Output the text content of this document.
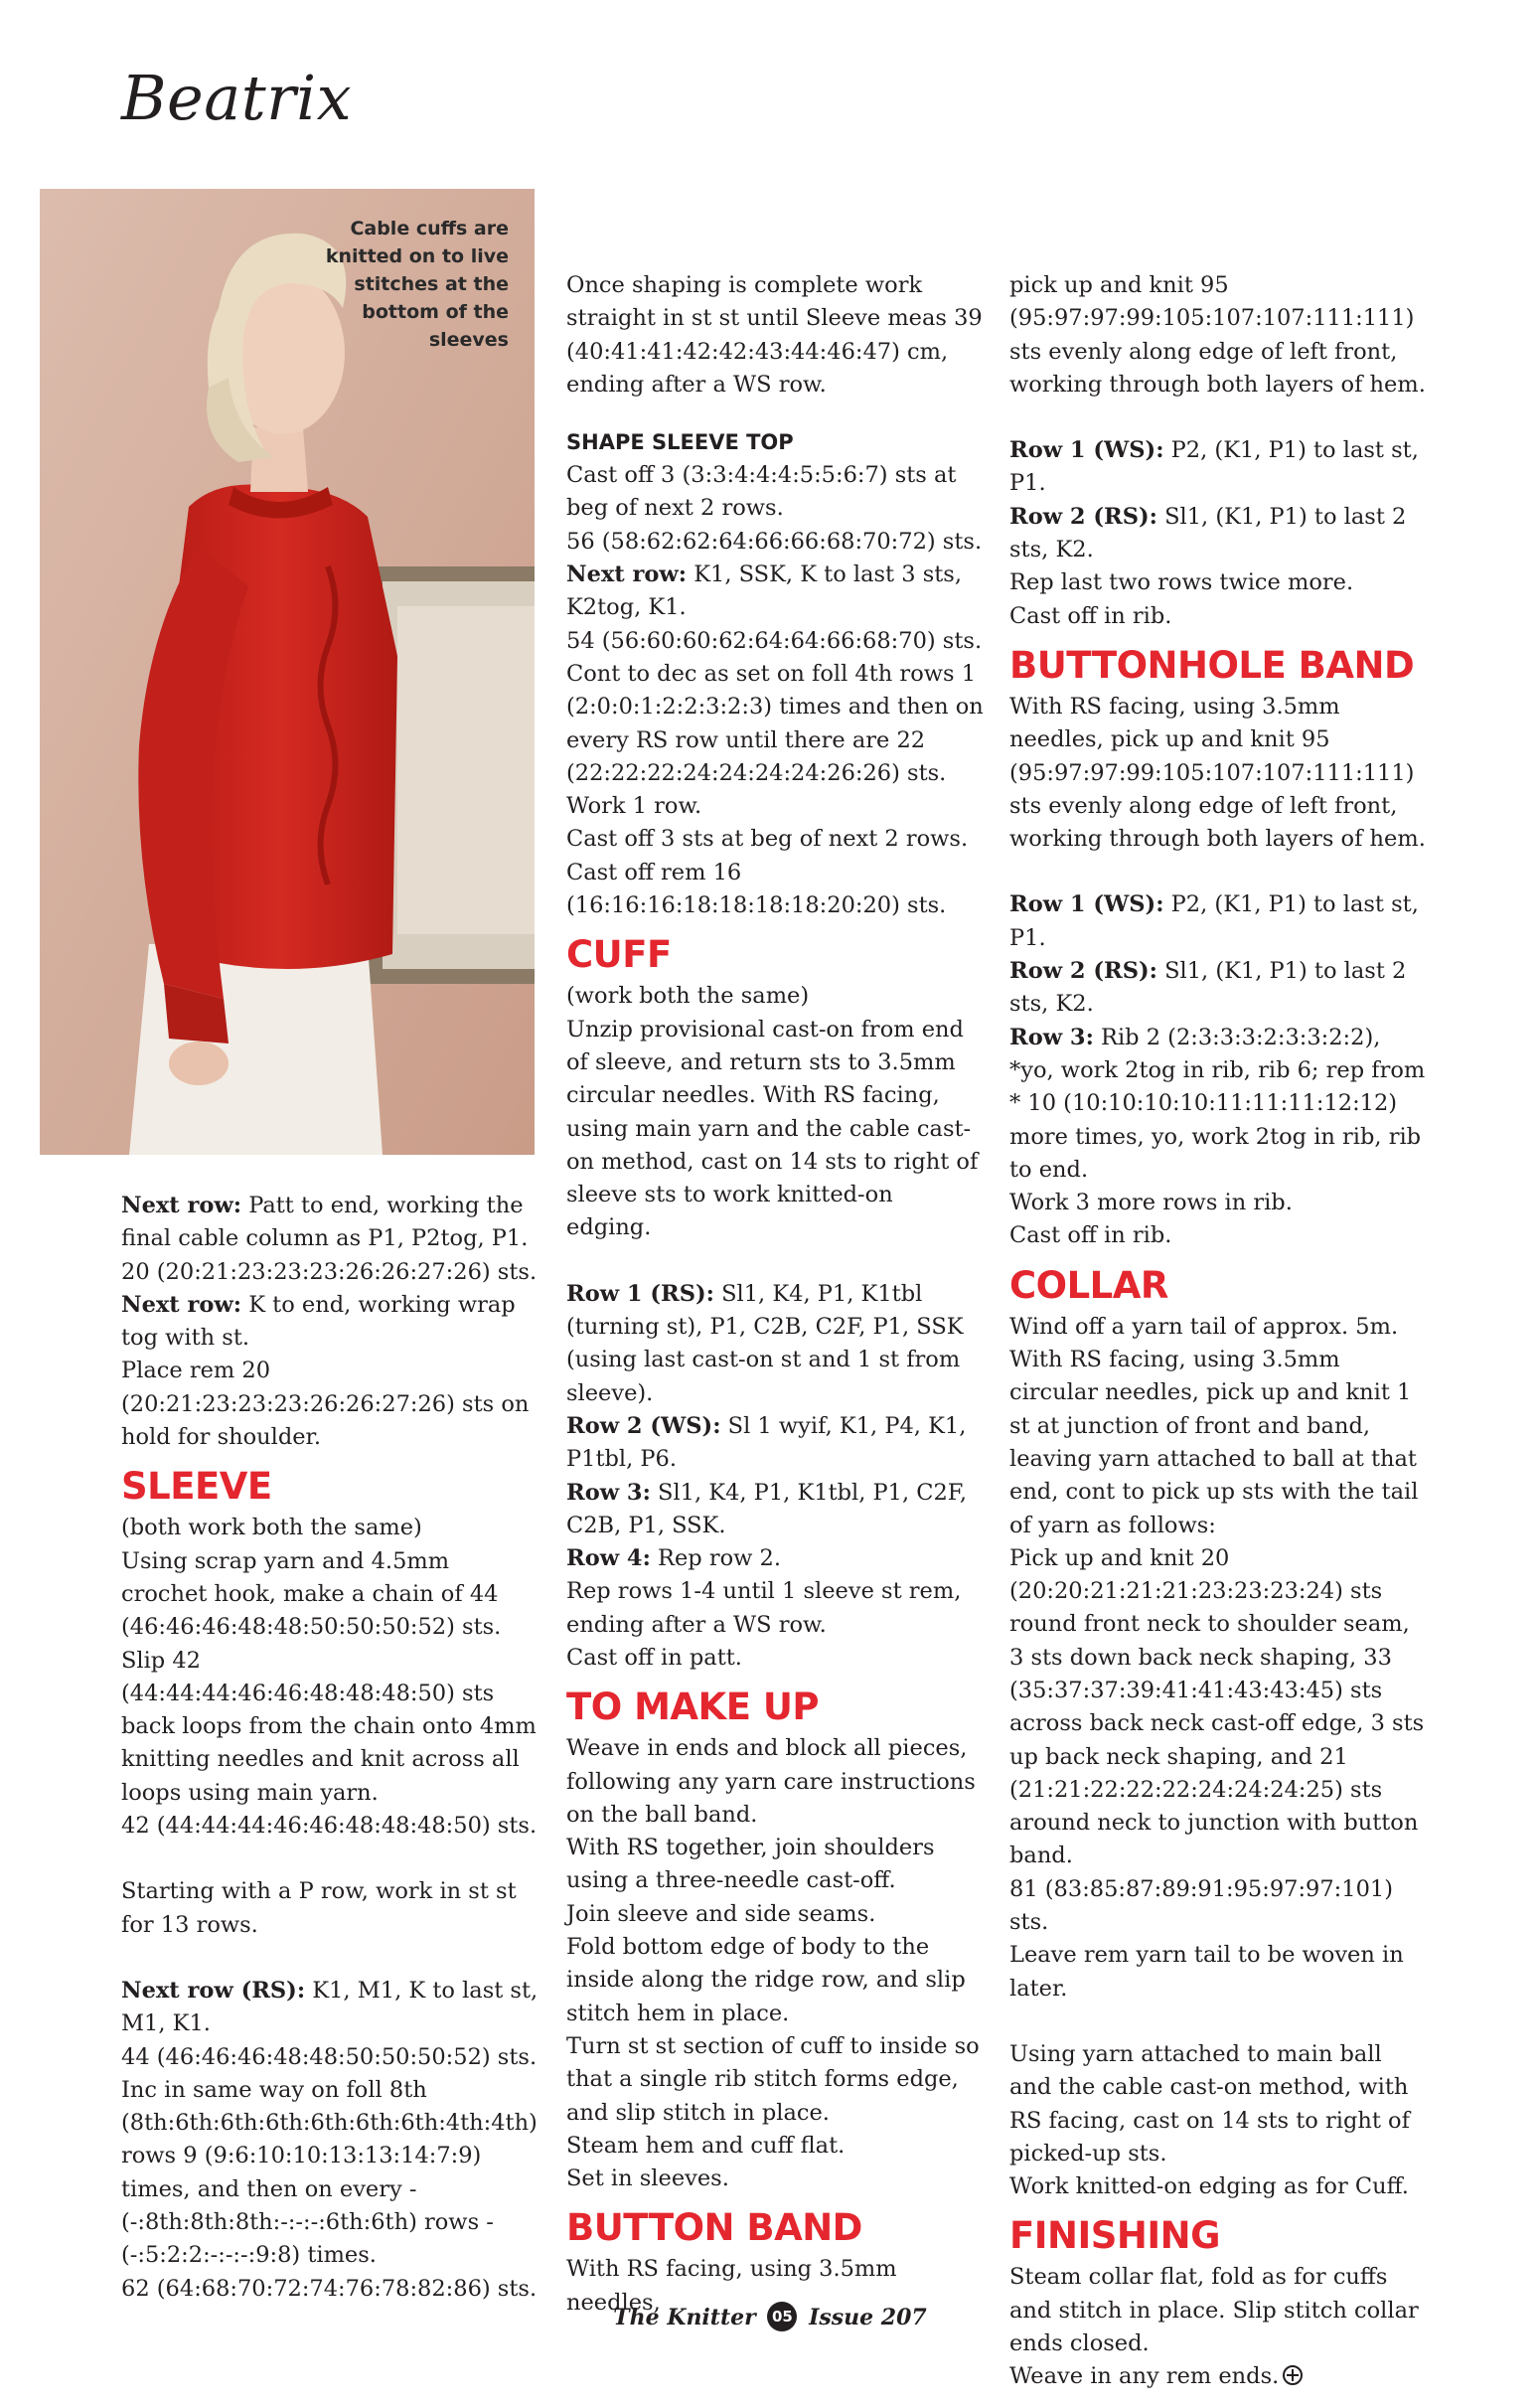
Beatrix
Cable cuffs are knitted on to live stitches at the bottom of the sleeves

Next row: Patt to end, working the final cable column as P1, P2tog, P1.

20 (20:21:23:23:23:26:26:27:26) sts.

Next row: K to end, working wrap tog with st.

Place rem 20 (20:21:23:23:23:26:26:27:26) sts on hold for shoulder.

SLEEVE

(both work both the same)

Using scrap yarn and 4.5mm crochet hook, make a chain of 44 (46:46:46:48:48:50:50:50:52) sts.

Slip 42 (44:44:44:46:46:48:48:48:50) sts back loops from the chain onto 4mm knitting needles and knit across all loops using main yarn.

42 (44:44:44:46:46:48:48:48:50) sts.

Starting with a P row, work in st st for 13 rows.

Next row (RS): K1, M1, K to last st, M1, K1.

44 (46:46:46:48:48:50:50:50:52) sts.

Inc in same way on foll 8th (8th:6th:6th:6th:6th:6th:6th:4th:4th) rows 9 (9:6:10:10:13:13:14:7:9) times, and then on every - (-:8th:8th:8th:-:-:-:6th:6th) rows - (-:5:2:2:-:-:-:9:8) times.

62 (64:68:70:72:74:76:78:82:86) sts.

Once shaping is complete work straight in st st until Sleeve meas 39 (40:41:41:42:42:43:44:46:47) cm, ending after a WS row.

SHAPE SLEEVE TOP

Cast off 3 (3:3:4:4:4:5:5:6:7) sts at beg of next 2 rows.

56 (58:62:62:64:66:66:68:70:72) sts.

Next row: K1, SSK, K to last 3 sts, K2tog, K1.

54 (56:60:60:62:64:64:66:68:70) sts.

Cont to dec as set on foll 4th rows 1 (2:0:0:1:2:2:3:2:3) times and then on every RS row until there are 22 (22:22:22:24:24:24:24:26:26) sts.

Work 1 row.

Cast off 3 sts at beg of next 2 rows.

Cast off rem 16 (16:16:16:18:18:18:18:20:20) sts.

CUFF

(work both the same)

Unzip provisional cast-on from end of sleeve, and return sts to 3.5mm circular needles. With RS facing, using main yarn and the cable cast-on method, cast on 14 sts to right of sleeve sts to work knitted-on edging.

Row 1 (RS): Sl1, K4, P1, K1tbl (turning st), P1, C2B, C2F, P1, SSK (using last cast-on st and 1 st from sleeve).

Row 2 (WS): Sl 1 wyif, K1, P4, K1, P1tbl, P6.

Row 3: Sl1, K4, P1, K1tbl, P1, C2F, C2B, P1, SSK.

Row 4: Rep row 2.

Rep rows 1-4 until 1 sleeve st rem, ending after a WS row.

Cast off in patt.

TO MAKE UP

Weave in ends and block all pieces, following any yarn care instructions on the ball band.

With RS together, join shoulders using a three-needle cast-off.

Join sleeve and side seams.

Fold bottom edge of body to the inside along the ridge row, and slip stitch hem in place.

Turn st st section of cuff to inside so that a single rib stitch forms edge, and slip stitch in place.

Steam hem and cuff flat.

Set in sleeves.

BUTTON BAND

With RS facing, using 3.5mm needles,

pick up and knit 95 (95:97:97:99:105:107:107:111:111) sts evenly along edge of left front, working through both layers of hem.

Row 1 (WS): P2, (K1, P1) to last st, P1.

Row 2 (RS): Sl1, (K1, P1) to last 2 sts, K2.

Rep last two rows twice more.

Cast off in rib.

BUTTONHOLE BAND

With RS facing, using 3.5mm needles, pick up and knit 95 (95:97:97:99:105:107:107:111:111) sts evenly along edge of left front, working through both layers of hem.

Row 1 (WS): P2, (K1, P1) to last st, P1.

Row 2 (RS): Sl1, (K1, P1) to last 2 sts, K2.

Row 3: Rib 2 (2:3:3:3:2:3:3:2:2), *yo, work 2tog in rib, rib 6; rep from * 10 (10:10:10:10:11:11:11:12:12) more times, yo, work 2tog in rib, rib to end.

Work 3 more rows in rib.

Cast off in rib.

COLLAR

Wind off a yarn tail of approx. 5m.

With RS facing, using 3.5mm circular needles, pick up and knit 1 st at junction of front and band, leaving yarn attached to ball at that end, cont to pick up sts with the tail of yarn as follows:

Pick up and knit 20 (20:20:21:21:21:23:23:23:24) sts round front neck to shoulder seam, 3 sts down back neck shaping, 33 (35:37:37:39:41:41:43:43:45) sts across back neck cast-off edge, 3 sts up back neck shaping, and 21 (21:21:22:22:22:24:24:24:25) sts around neck to junction with button band.

81 (83:85:87:89:91:95:97:97:101) sts.

Leave rem yarn tail to be woven in later.

Using yarn attached to main ball and the cable cast-on method, with RS facing, cast on 14 sts to right of picked-up sts.

Work knitted-on edging as for Cuff.

FINISHING

Steam collar flat, fold as for cuffs and stitch in place. Slip stitch collar ends closed.

Weave in any rem ends.

The Knitter 05 Issue 207
